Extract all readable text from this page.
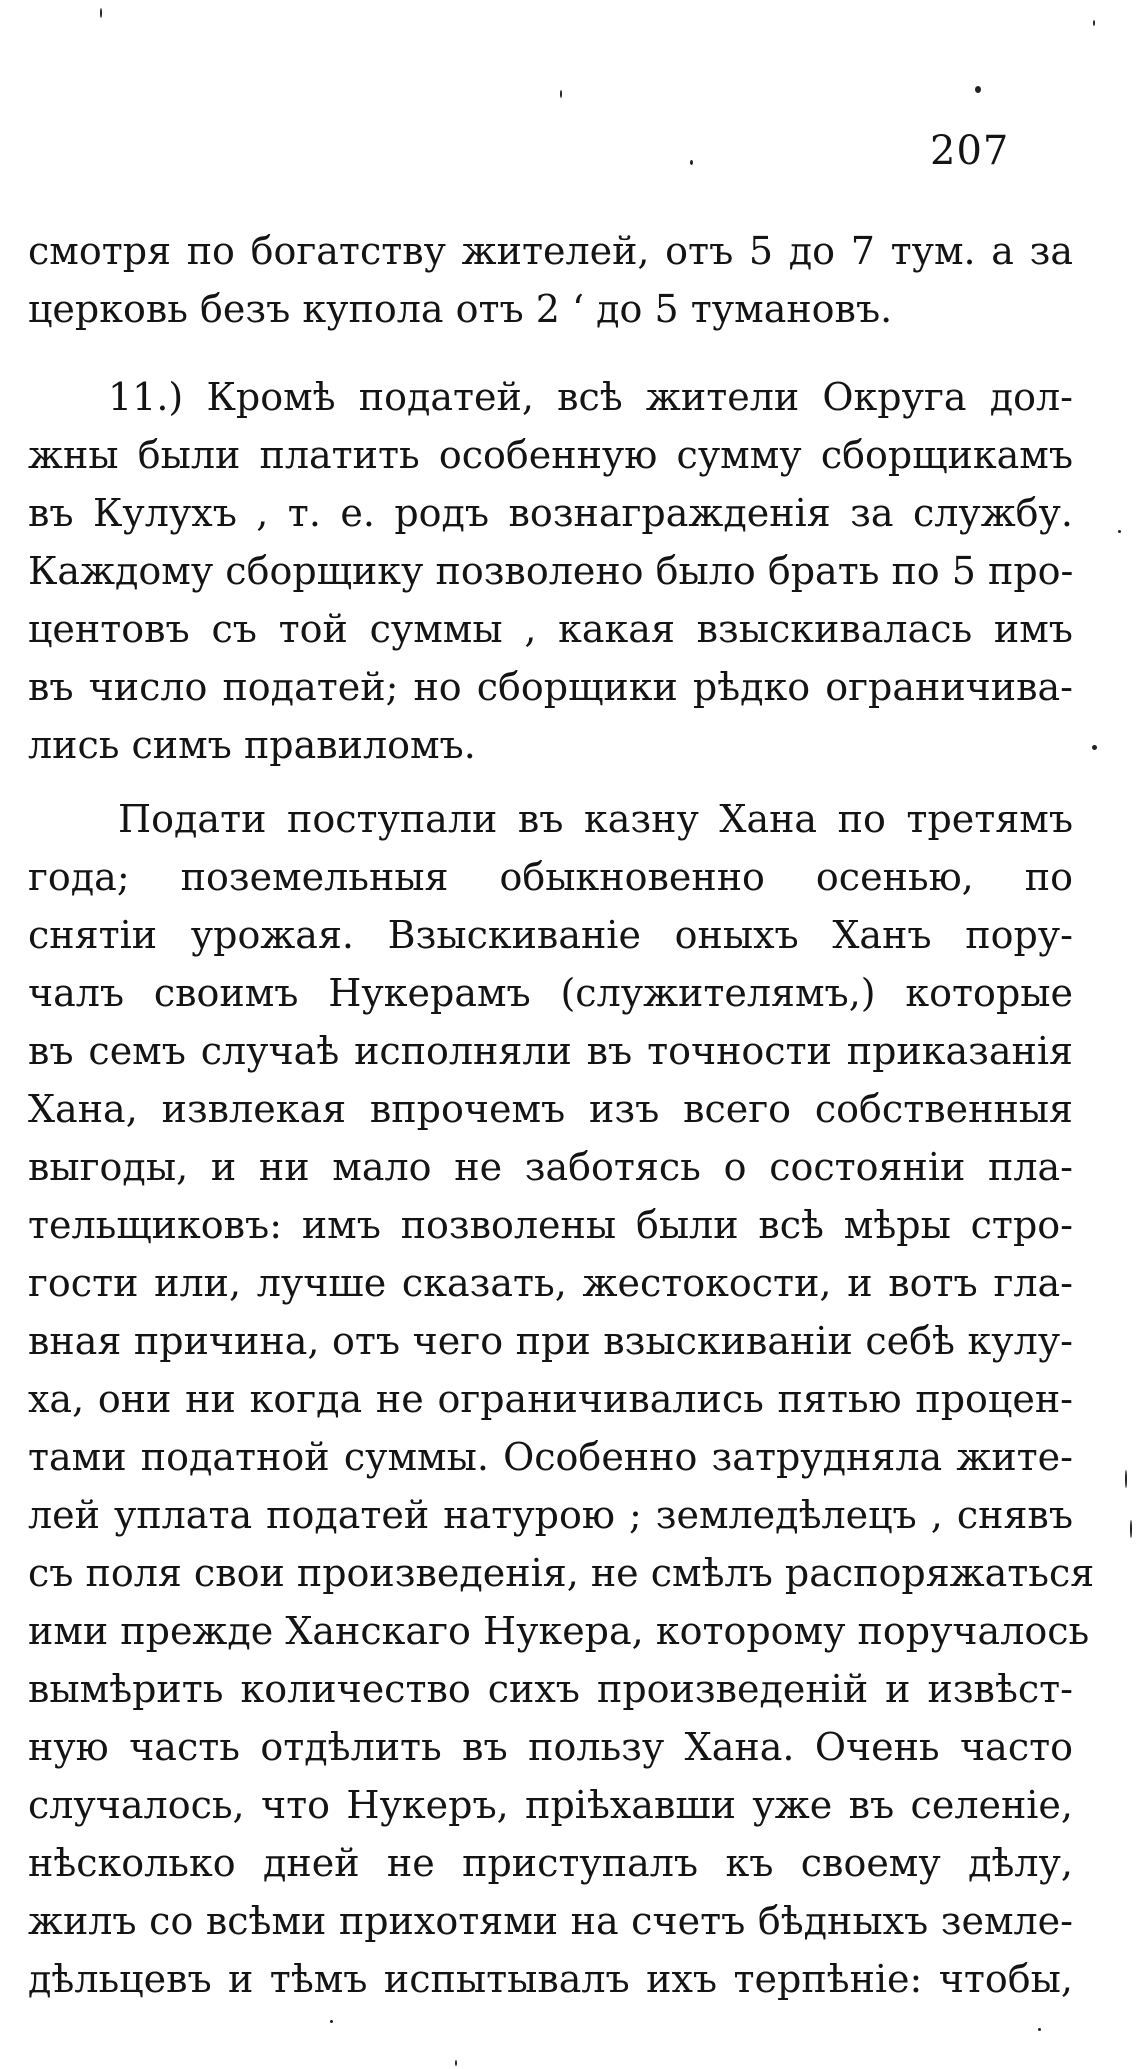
207
смотря по богатству жителей, отъ 5 до 7 тум. а за
церковь безъ купола отъ 2 ‘ до 5 тумановъ.
11.) Кромѣ податей, всѣ жители Округа дол-
жны были платить особенную сумму сборщикамъ
въ Кулухъ , т. е. родъ вознагражденія за службу.
Каждому сборщику позволено было брать по 5 про-
центовъ съ той суммы , какая взыскивалась имъ
въ число податей; но сборщики рѣдко ограничива-
лись симъ правиломъ.
Подати поступали въ казну Хана по третямъ
года; поземельныя обыкновенно осенью, по
снятіи урожая. Взыскиваніе оныхъ Ханъ пору-
чалъ своимъ Нукерамъ (служителямъ,) которые
въ семъ случаѣ исполняли въ точности приказанія
Хана, извлекая впрочемъ изъ всего собственныя
выгоды, и ни мало не заботясь о состояніи пла-
тельщиковъ: имъ позволены были всѣ мѣры стро-
гости или, лучше сказать, жестокости, и вотъ гла-
вная причина, отъ чего при взыскиваніи себѣ кулу-
ха, они ни когда не ограничивались пятью процен-
тами податной суммы. Особенно затрудняла жите-
лей уплата податей натурою ; земледѣлецъ , снявъ
съ поля свои произведенія, не смѣлъ распоряжаться
ими прежде Ханскаго Нукера, которому поручалось
вымѣрить количество сихъ произведеній и извѣст-
ную часть отдѣлить въ пользу Хана. Очень часто
случалось, что Нукеръ, пріѣхавши уже въ селеніе,
нѣсколько дней не приступалъ къ своему дѣлу,
жилъ со всѣми прихотями на счетъ бѣдныхъ земле-
дѣльцевъ и тѣмъ испытывалъ ихъ терпѣніе: чтобы,
